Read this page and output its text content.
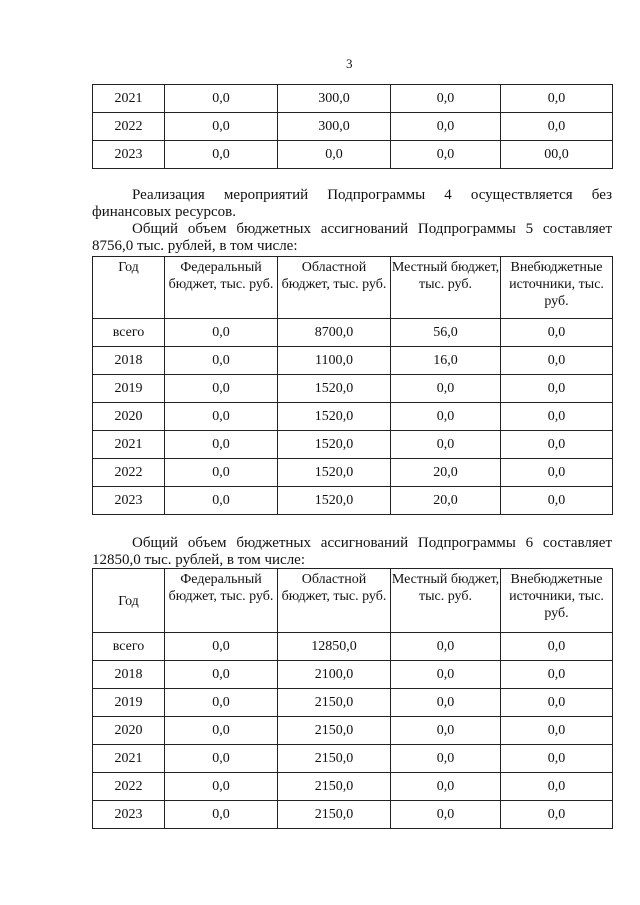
3
2021	0,0	300,0	0,0	0,0
2022	0,0	300,0	0,0	0,0
2023	0,0	0,0	0,0	00,0

Реализация мероприятий Подпрограммы 4 осуществляется без финансовых ресурсов.

Общий объем бюджетных ассигнований Подпрограммы 5 составляет 8756,0 тыс. рублей, в том числе:

Год	Федеральный бюджет, тыс. руб.	Областной бюджет, тыс. руб.	Местный бюджет, тыс. руб.	Внебюджетные источники, тыс. руб.
всего	0,0	8700,0	56,0	0,0
2018	0,0	1100,0	16,0	0,0
2019	0,0	1520,0	0,0	0,0
2020	0,0	1520,0	0,0	0,0
2021	0,0	1520,0	0,0	0,0
2022	0,0	1520,0	20,0	0,0
2023	0,0	1520,0	20,0	0,0

Общий объем бюджетных ассигнований Подпрограммы 6 составляет 12850,0 тыс. рублей, в том числе:

Год	Федеральный бюджет, тыс. руб.	Областной бюджет, тыс. руб.	Местный бюджет, тыс. руб.	Внебюджетные источники, тыс. руб.
всего	0,0	12850,0	0,0	0,0
2018	0,0	2100,0	0,0	0,0
2019	0,0	2150,0	0,0	0,0
2020	0,0	2150,0	0,0	0,0
2021	0,0	2150,0	0,0	0,0
2022	0,0	2150,0	0,0	0,0
2023	0,0	2150,0	0,0	0,0
